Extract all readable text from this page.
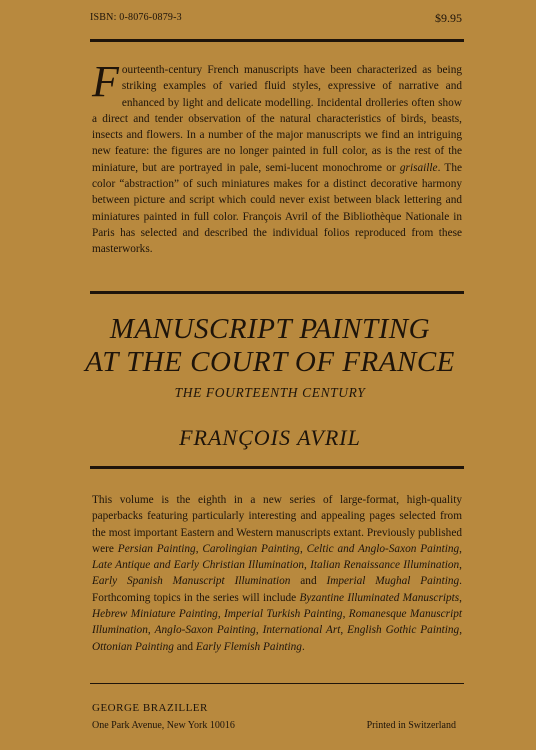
ISBN: 0-8076-0879-3	$9.95

Fourteenth-century French manuscripts have been characterized as being striking examples of varied fluid styles, expressive of narrative and enhanced by light and delicate modelling. Incidental drolleries often show a direct and tender observation of the natural characteristics of birds, beasts, insects and flowers. In a number of the major manuscripts we find an intriguing new feature: the figures are no longer painted in full color, as is the rest of the miniature, but are portrayed in pale, semi-lucent monochrome or grisaille. The color “abstraction” of such miniatures makes for a distinct decorative harmony between picture and script which could never exist between black lettering and miniatures painted in full color. François Avril of the Bibliothèque Nationale in Paris has selected and described the individual folios reproduced from these masterworks.

MANUSCRIPT PAINTING
AT THE COURT OF FRANCE
THE FOURTEENTH CENTURY
FRANÇOIS AVRIL

This volume is the eighth in a new series of large-format, high-quality paperbacks featuring particularly interesting and appealing pages selected from the most important Eastern and Western manuscripts extant. Previously published were Persian Painting, Carolingian Painting, Celtic and Anglo-Saxon Painting, Late Antique and Early Christian Illumination, Italian Renaissance Illumination, Early Spanish Manuscript Illumination and Imperial Mughal Painting. Forthcoming topics in the series will include Byzantine Illuminated Manuscripts, Hebrew Miniature Painting, Imperial Turkish Painting, Romanesque Manuscript Illumination, Anglo-Saxon Painting, International Art, English Gothic Painting, Ottonian Painting and Early Flemish Painting.

GEORGE BRAZILLER
One Park Avenue, New York 10016	Printed in Switzerland
